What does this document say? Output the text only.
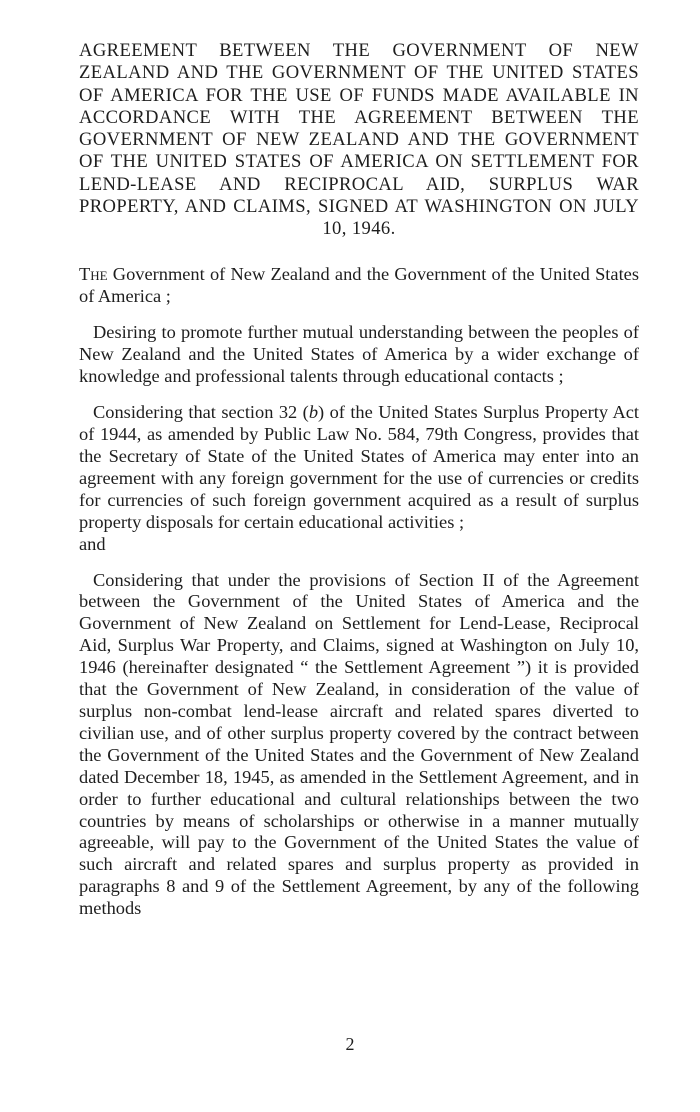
AGREEMENT BETWEEN THE GOVERNMENT OF NEW ZEALAND AND THE GOVERNMENT OF THE UNITED STATES OF AMERICA FOR THE USE OF FUNDS MADE AVAILABLE IN ACCORDANCE WITH THE AGREEMENT BETWEEN THE GOVERNMENT OF NEW ZEALAND AND THE GOVERNMENT OF THE UNITED STATES OF AMERICA ON SETTLEMENT FOR LEND-LEASE AND RECIPROCAL AID, SURPLUS WAR PROPERTY, AND CLAIMS, SIGNED AT WASHINGTON ON JULY 10, 1946.

The Government of New Zealand and the Government of the United States of America ;

Desiring to promote further mutual understanding between the peoples of New Zealand and the United States of America by a wider exchange of knowledge and professional talents through educational contacts ;

Considering that section 32 (b) of the United States Surplus Property Act of 1944, as amended by Public Law No. 584, 79th Congress, provides that the Secretary of State of the United States of America may enter into an agreement with any foreign government for the use of currencies or credits for currencies of such foreign government acquired as a result of surplus property disposals for certain educational activities ;

and

Considering that under the provisions of Section II of the Agreement between the Government of the United States of America and the Government of New Zealand on Settlement for Lend-Lease, Reciprocal Aid, Surplus War Property, and Claims, signed at Washington on July 10, 1946 (hereinafter designated “ the Settlement Agreement ”) it is provided that the Government of New Zealand, in consideration of the value of surplus non-combat lend-lease aircraft and related spares diverted to civilian use, and of other surplus property covered by the contract between the Government of the United States and the Government of New Zealand dated December 18, 1945, as amended in the Settlement Agreement, and in order to further educational and cultural relationships between the two countries by means of scholarships or otherwise in a manner mutually agreeable, will pay to the Government of the United States the value of such aircraft and related spares and surplus property as provided in paragraphs 8 and 9 of the Settlement Agreement, by any of the following methods

2
